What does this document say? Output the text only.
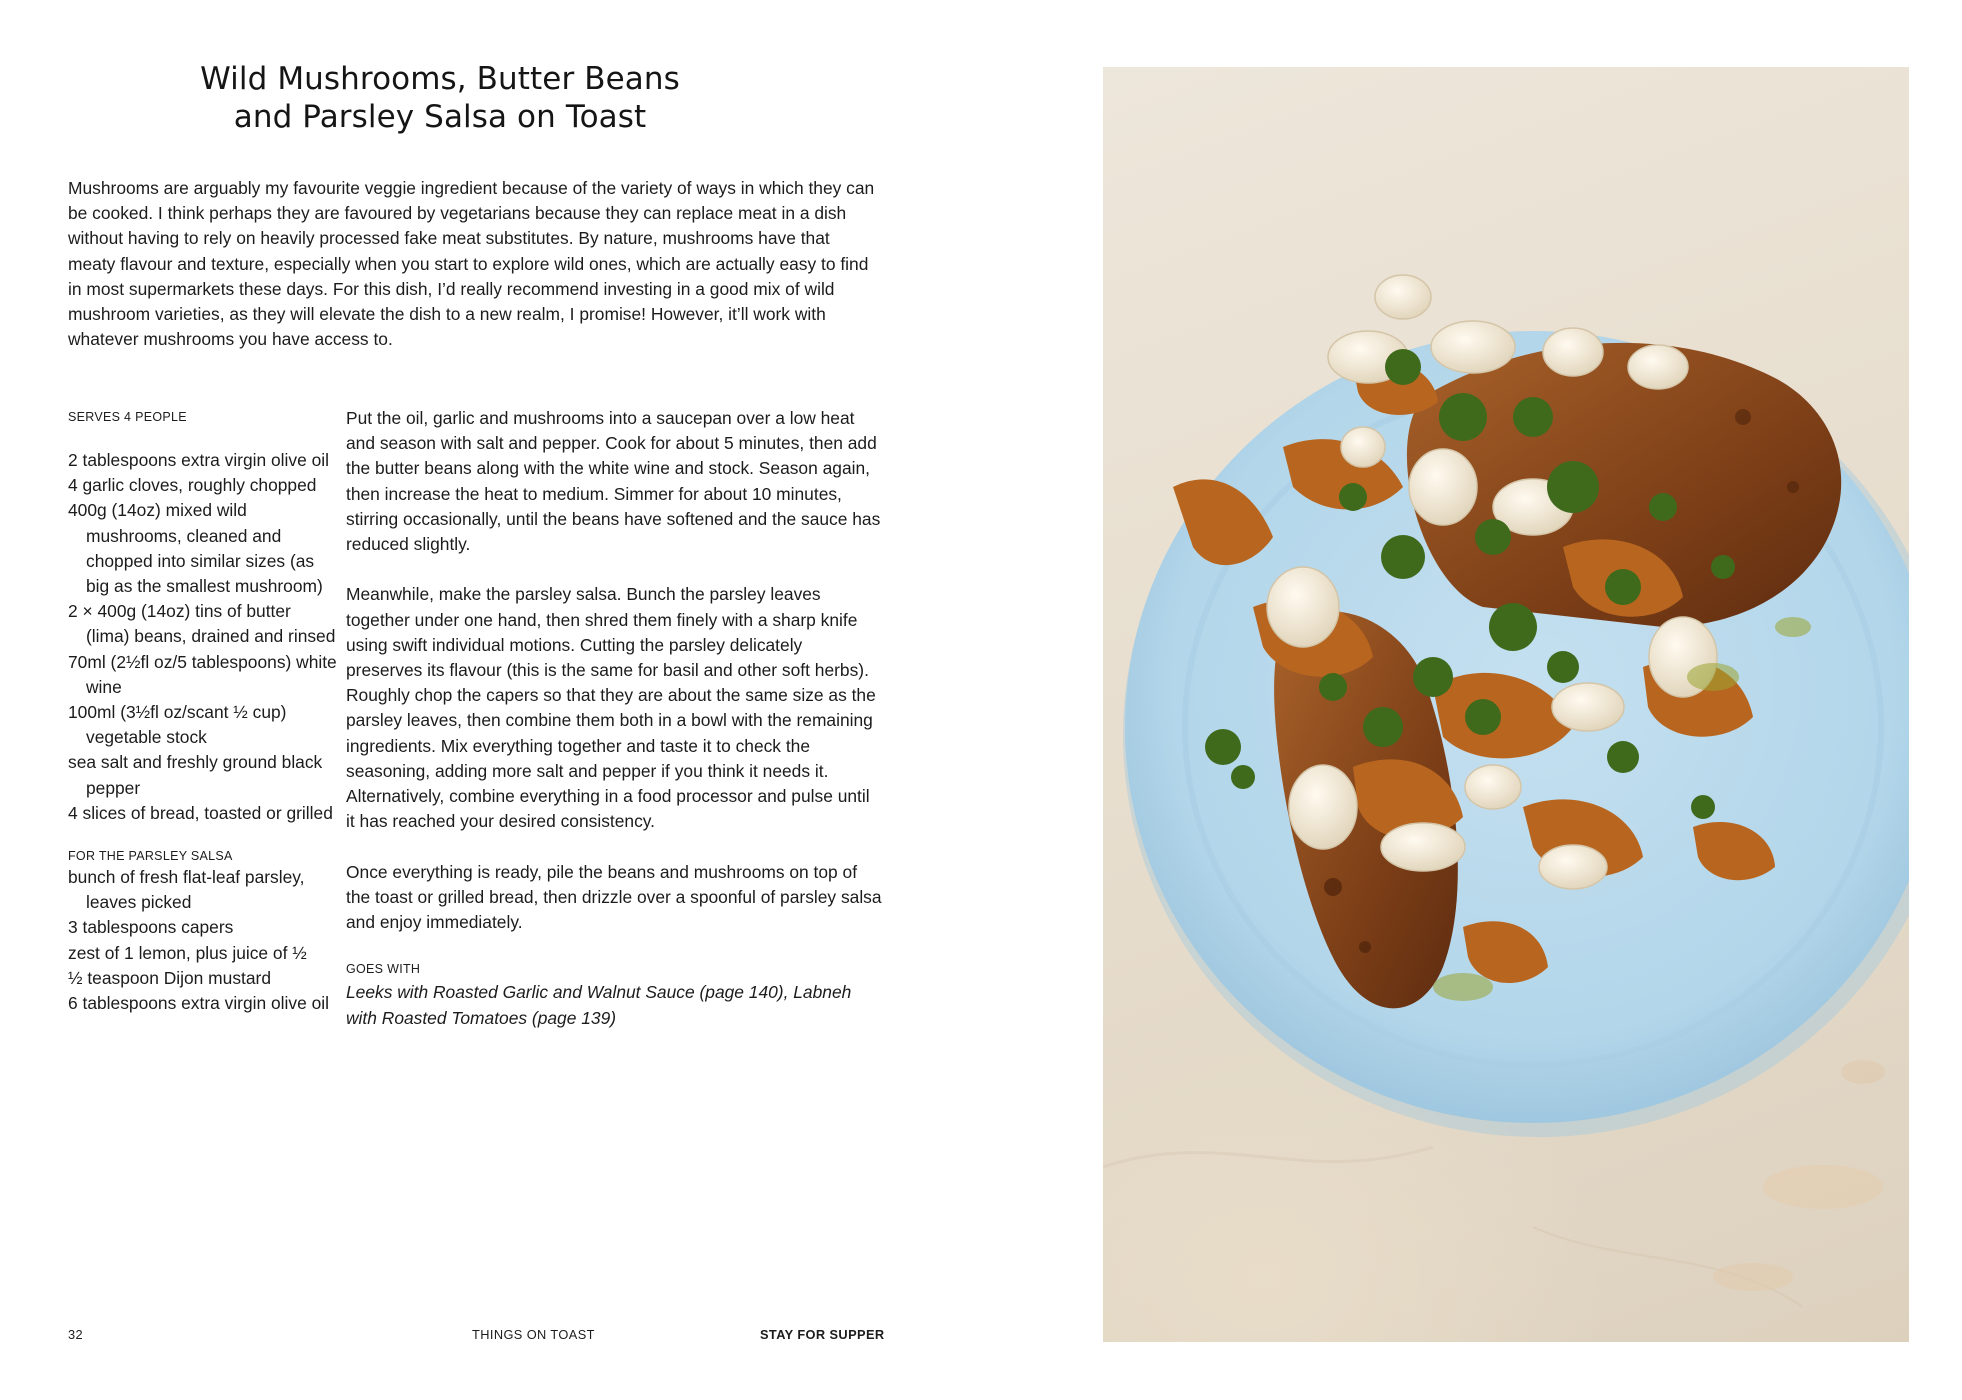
Wild Mushrooms, Butter Beans
and Parsley Salsa on Toast

Mushrooms are arguably my favourite veggie ingredient because of the variety of ways in which they can be cooked. I think perhaps they are favoured by vegetarians because they can replace meat in a dish without having to rely on heavily processed fake meat substitutes. By nature, mushrooms have that meaty flavour and texture, especially when you start to explore wild ones, which are actually easy to find in most supermarkets these days. For this dish, I’d really recommend investing in a good mix of wild mushroom varieties, as they will elevate the dish to a new realm, I promise! However, it’ll work with whatever mushrooms you have access to.

SERVES 4 PEOPLE

2 tablespoons extra virgin olive oil
4 garlic cloves, roughly chopped
400g (14oz) mixed wild mushrooms, cleaned and chopped into similar sizes (as big as the smallest mushroom)
2 × 400g (14oz) tins of butter (lima) beans, drained and rinsed
70ml (2½fl oz/5 tablespoons) white wine
100ml (3½fl oz/scant ½ cup) vegetable stock
sea salt and freshly ground black pepper
4 slices of bread, toasted or grilled

FOR THE PARSLEY SALSA

bunch of fresh flat-leaf parsley, leaves picked
3 tablespoons capers
zest of 1 lemon, plus juice of ½
½ teaspoon Dijon mustard
6 tablespoons extra virgin olive oil

Put the oil, garlic and mushrooms into a saucepan over a low heat and season with salt and pepper. Cook for about 5 minutes, then add the butter beans along with the white wine and stock. Season again, then increase the heat to medium. Simmer for about 10 minutes, stirring occasionally, until the beans have softened and the sauce has reduced slightly.

Meanwhile, make the parsley salsa. Bunch the parsley leaves together under one hand, then shred them finely with a sharp knife using swift individual motions. Cutting the parsley delicately preserves its flavour (this is the same for basil and other soft herbs). Roughly chop the capers so that they are about the same size as the parsley leaves, then combine them both in a bowl with the remaining ingredients. Mix everything together and taste it to check the seasoning, adding more salt and pepper if you think it needs it. Alternatively, combine everything in a food processor and pulse until it has reached your desired consistency.

Once everything is ready, pile the beans and mushrooms on top of the toast or grilled bread, then drizzle over a spoonful of parsley salsa and enjoy immediately.

GOES WITH

Leeks with Roasted Garlic and Walnut Sauce (page 140), Labneh with Roasted Tomatoes (page 139)

32	THINGS ON TOAST	STAY FOR SUPPER
